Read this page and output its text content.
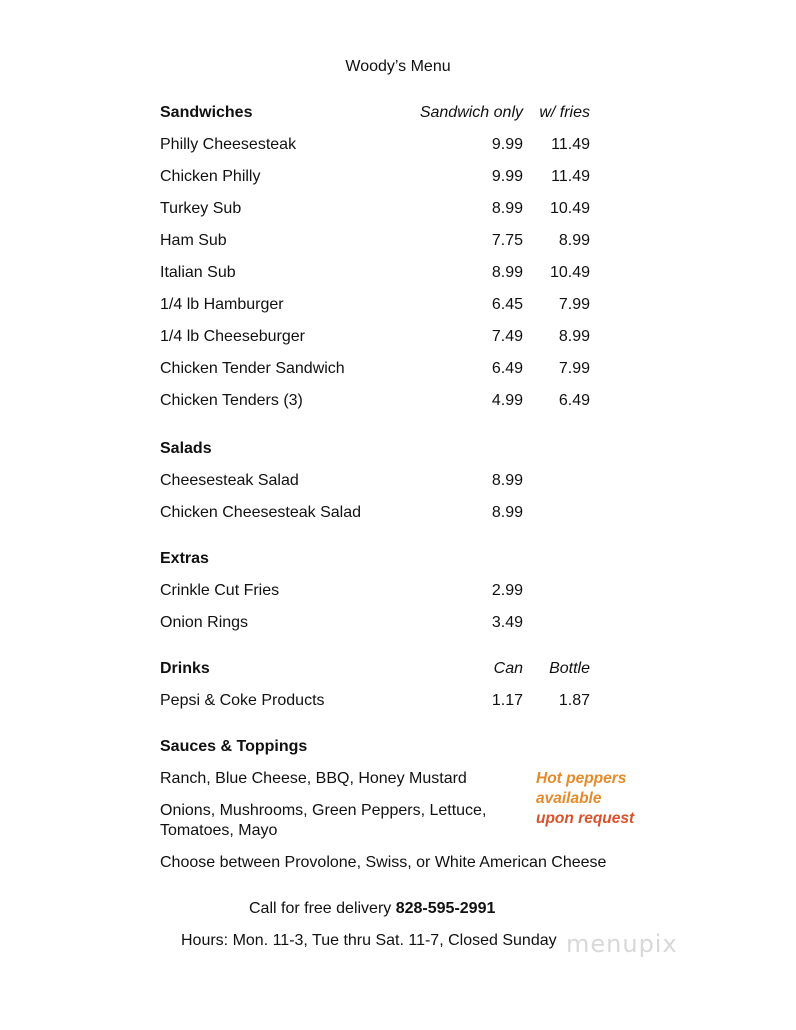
Woody’s Menu
Sandwiches	Sandwich only w/ fries
Philly Cheesesteak	9.99 11.49
Chicken Philly	9.99 11.49
Turkey Sub	8.99 10.49
Ham Sub	7.75 8.99
Italian Sub	8.99 10.49
1/4 lb Hamburger	6.45 7.99
1/4 lb Cheeseburger	7.49 8.99
Chicken Tender Sandwich	6.49 7.99
Chicken Tenders (3)	4.99 6.49
Salads
Cheesesteak Salad	8.99
Chicken Cheesesteak Salad	8.99
Extras
Crinkle Cut Fries	2.99
Onion Rings	3.49
Drinks	Can Bottle
Pepsi & Coke Products	1.17 1.87
Sauces & Toppings
Ranch, Blue Cheese, BBQ, Honey Mustard
Onions, Mushrooms, Green Peppers, Lettuce,
Tomatoes, Mayo
Choose between Provolone, Swiss, or White American Cheese
Hot peppers
available
upon request
Call for free delivery 828-595-2991
Hours: Mon. 11-3, Tue thru Sat. 11-7, Closed Sunday menupix
